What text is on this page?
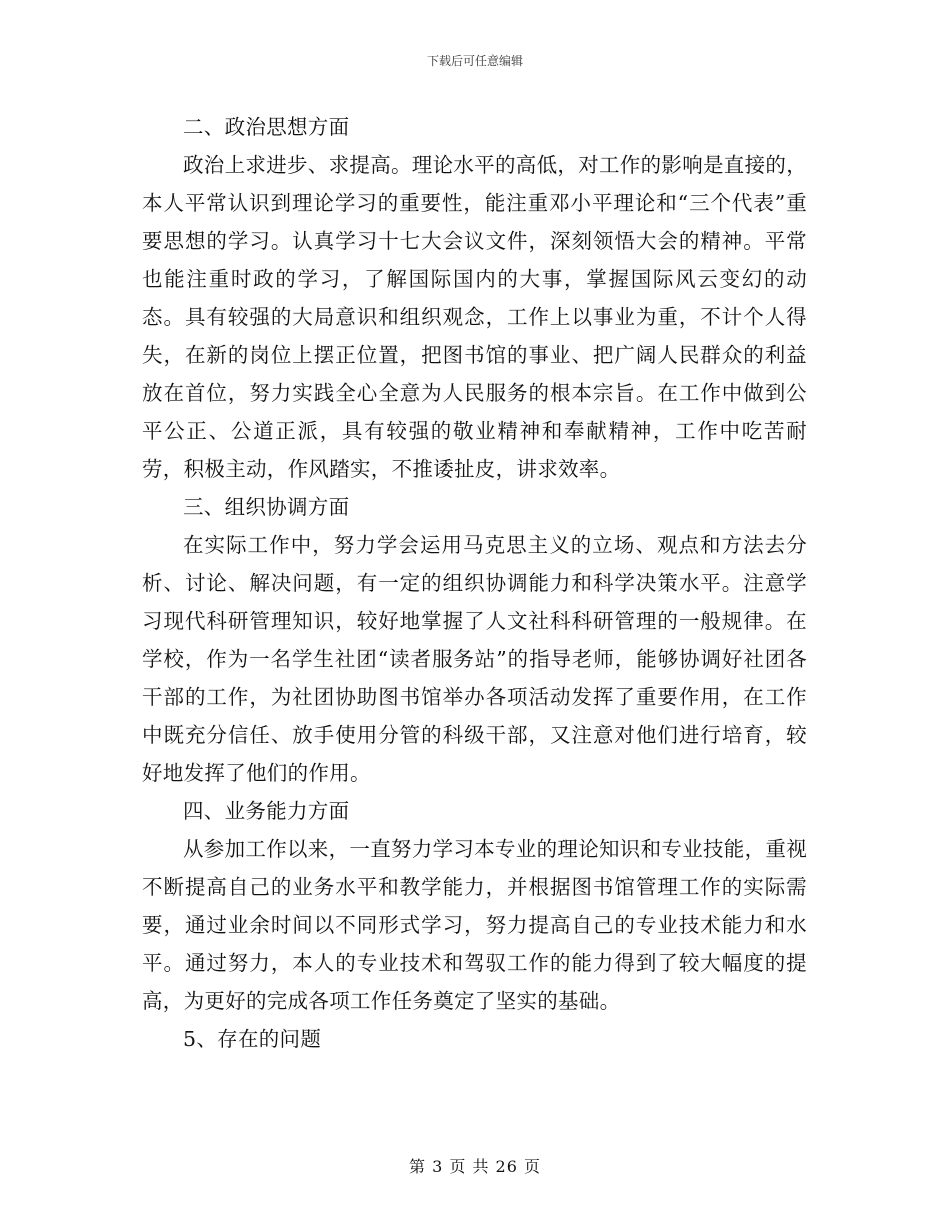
下载后可任意编辑

二、政治思想方面

政治上求进步、求提高。理论水平的高低，对工作的影响是直接的，本人平常认识到理论学习的重要性，能注重邓小平理论和“三个代表”重要思想的学习。认真学习十七大会议文件，深刻领悟大会的精神。平常也能注重时政的学习，了解国际国内的大事，掌握国际风云变幻的动态。具有较强的大局意识和组织观念，工作上以事业为重，不计个人得失，在新的岗位上摆正位置，把图书馆的事业、把广阔人民群众的利益放在首位，努力实践全心全意为人民服务的根本宗旨。在工作中做到公平公正、公道正派，具有较强的敬业精神和奉献精神，工作中吃苦耐劳，积极主动，作风踏实，不推诿扯皮，讲求效率。

三、组织协调方面

在实际工作中，努力学会运用马克思主义的立场、观点和方法去分析、讨论、解决问题，有一定的组织协调能力和科学决策水平。注意学习现代科研管理知识，较好地掌握了人文社科科研管理的一般规律。在学校，作为一名学生社团“读者服务站”的指导老师，能够协调好社团各干部的工作，为社团协助图书馆举办各项活动发挥了重要作用，在工作中既充分信任、放手使用分管的科级干部，又注意对他们进行培育，较好地发挥了他们的作用。

四、业务能力方面

从参加工作以来，一直努力学习本专业的理论知识和专业技能，重视不断提高自己的业务水平和教学能力，并根据图书馆管理工作的实际需要，通过业余时间以不同形式学习，努力提高自己的专业技术能力和水平。通过努力，本人的专业技术和驾驭工作的能力得到了较大幅度的提高，为更好的完成各项工作任务奠定了坚实的基础。

5、存在的问题

第 3 页 共 26 页
